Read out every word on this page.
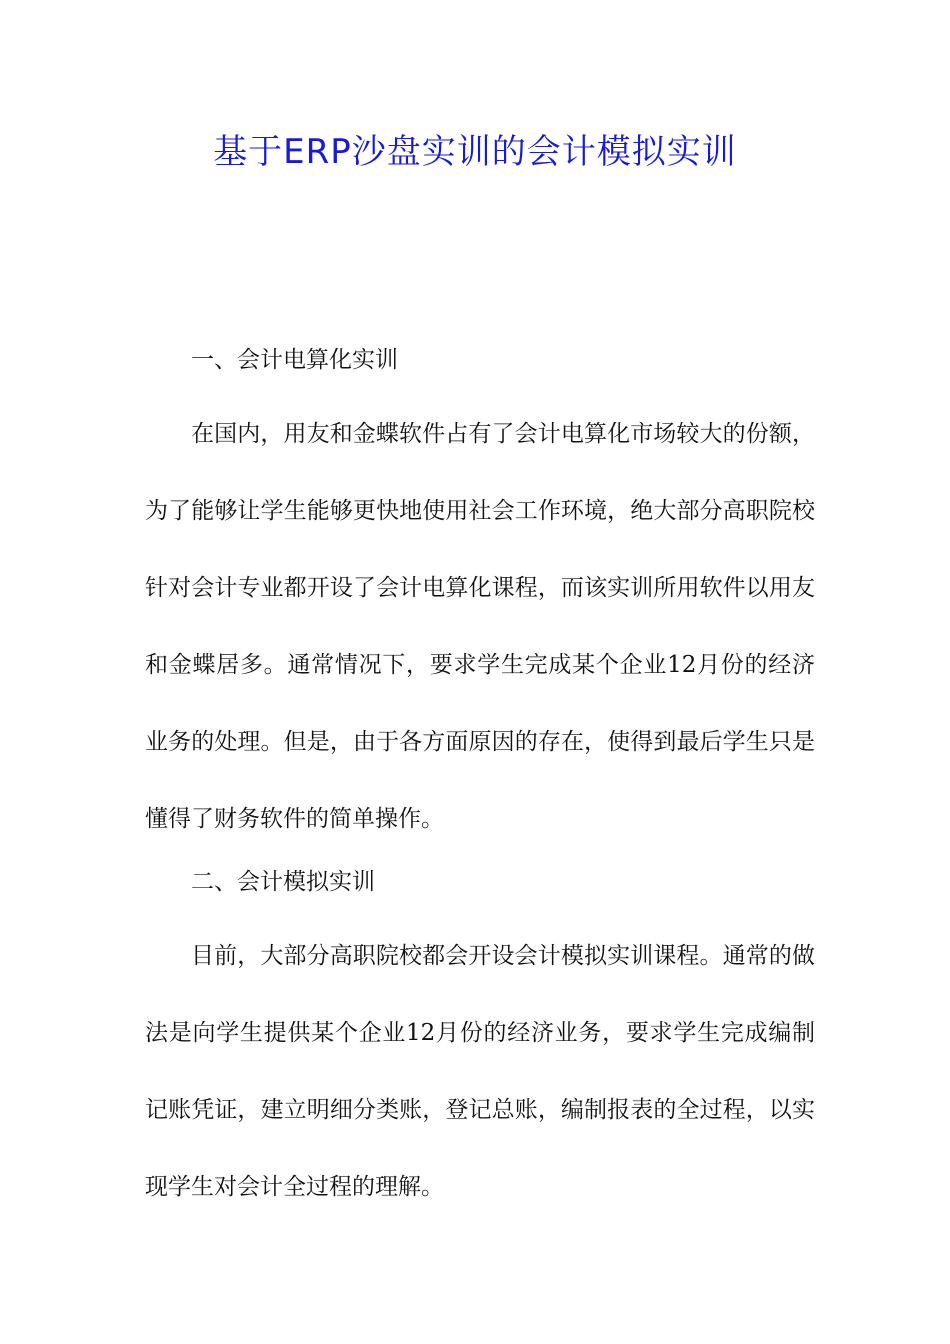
基于ERP沙盘实训的会计模拟实训
一、会计电算化实训

在国内，用友和金蝶软件占有了会计电算化市场较大的份额，为了能够让学生能够更快地使用社会工作环境，绝大部分高职院校针对会计专业都开设了会计电算化课程，而该实训所用软件以用友和金蝶居多。通常情况下，要求学生完成某个企业12月份的经济业务的处理。但是，由于各方面原因的存在，使得到最后学生只是懂得了财务软件的简单操作。

二、会计模拟实训

目前，大部分高职院校都会开设会计模拟实训课程。通常的做法是向学生提供某个企业12月份的经济业务，要求学生完成编制记账凭证，建立明细分类账，登记总账，编制报表的全过程，以实现学生对会计全过程的理解。
